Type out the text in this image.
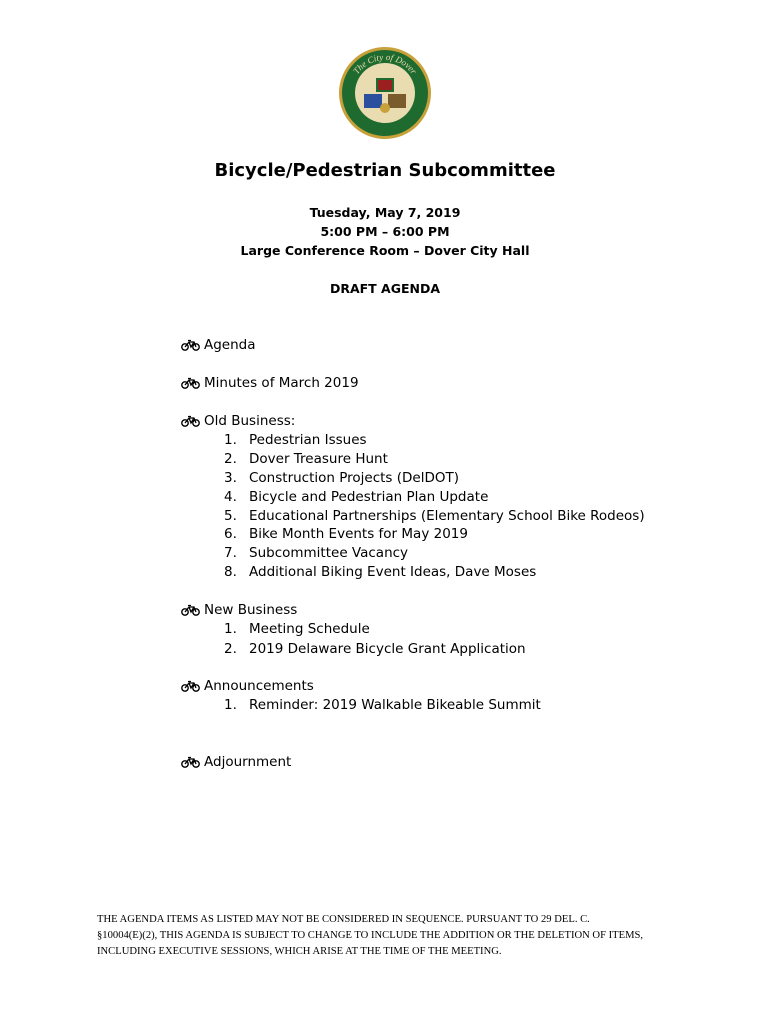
The City of Dover
Delaware
Bicycle/Pedestrian Subcommittee
Tuesday, May 7, 2019
5:00 PM – 6:00 PM
Large Conference Room – Dover City Hall
DRAFT AGENDA
Agenda
Minutes of March 2019
Old Business:
1. Pedestrian Issues
2. Dover Treasure Hunt
3. Construction Projects (DelDOT)
4. Bicycle and Pedestrian Plan Update
5. Educational Partnerships (Elementary School Bike Rodeos)
6. Bike Month Events for May 2019
7. Subcommittee Vacancy
8. Additional Biking Event Ideas, Dave Moses
New Business
1. Meeting Schedule
2. 2019 Delaware Bicycle Grant Application
Announcements
1. Reminder: 2019 Walkable Bikeable Summit
Adjournment
THE AGENDA ITEMS AS LISTED MAY NOT BE CONSIDERED IN SEQUENCE. PURSUANT TO 29 DEL. C.
§10004(E)(2), THIS AGENDA IS SUBJECT TO CHANGE TO INCLUDE THE ADDITION OR THE DELETION OF ITEMS,
INCLUDING EXECUTIVE SESSIONS, WHICH ARISE AT THE TIME OF THE MEETING.
